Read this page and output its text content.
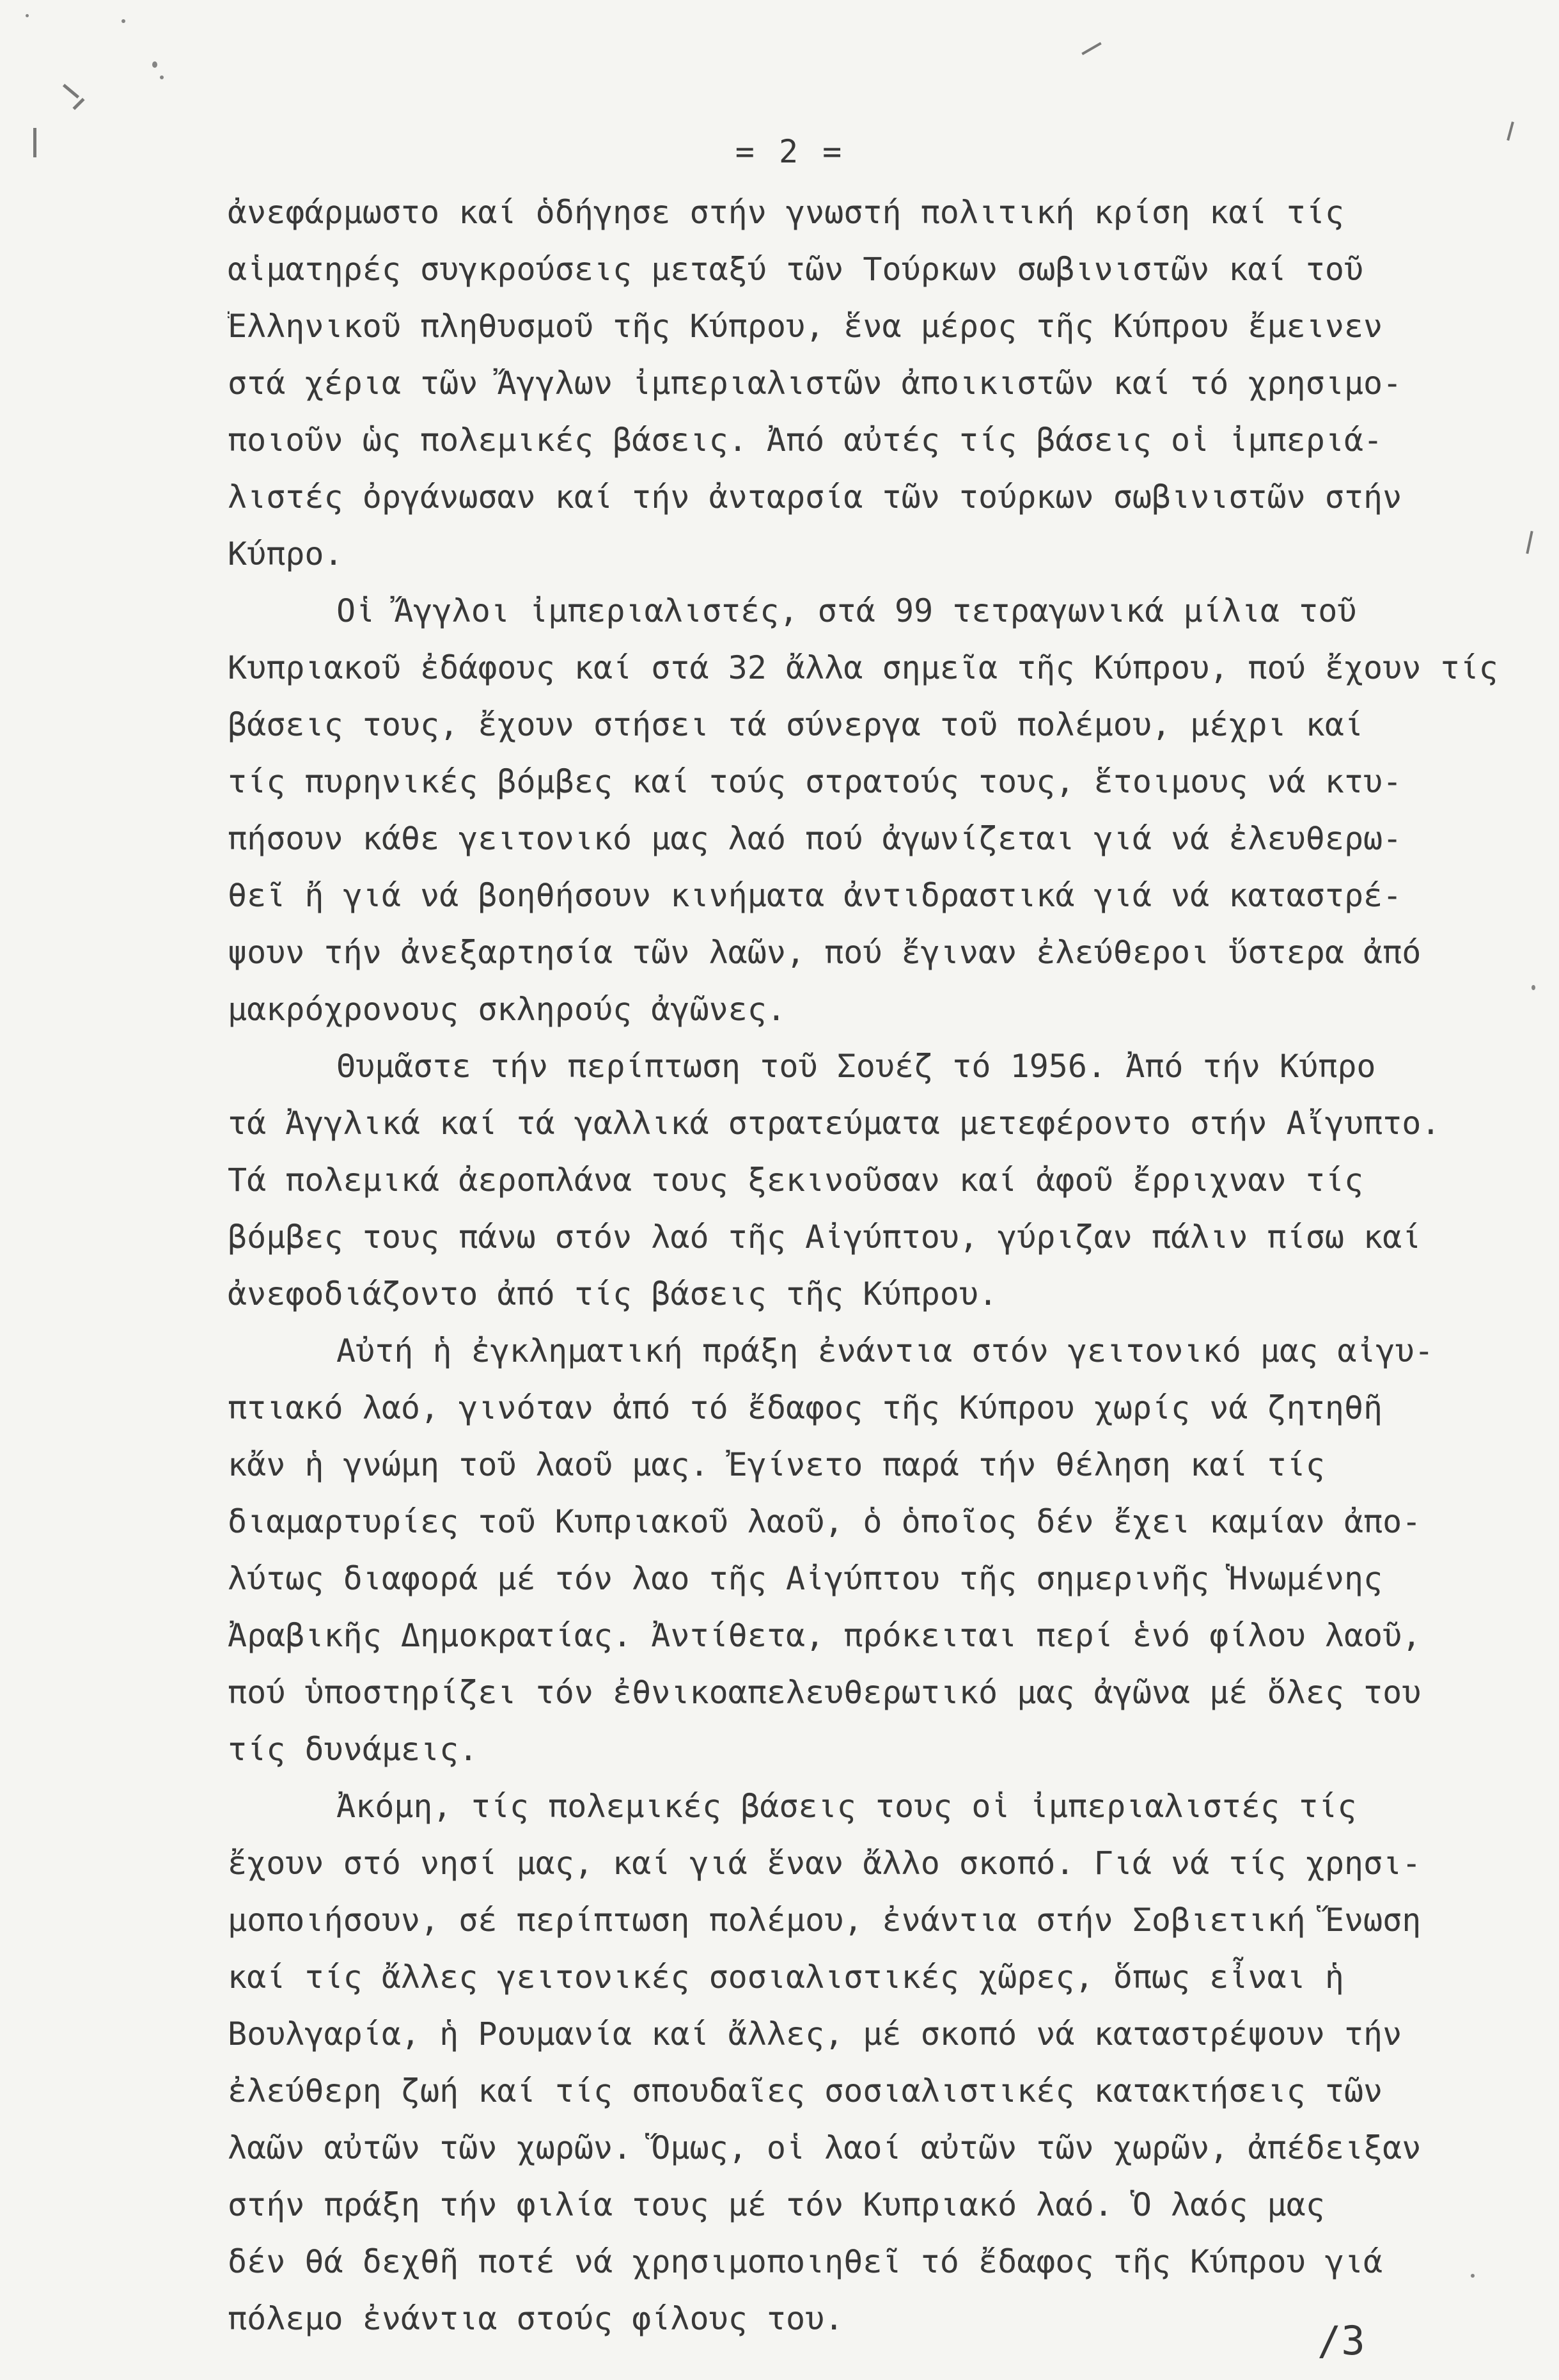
= 2 =
ἀνεφάρμωστο καί ὁδήγησε στήν γνωστή πολιτική κρίση καί τίς
αἱματηρές συγκρούσεις μεταξύ τῶν Τούρκων σωβινιστῶν καί τοῦ
Ἑλληνικοῦ πληθυσμοῦ τῆς Κύπρου, ἕνα μέρος τῆς Κύπρου ἔμεινεν
στά χέρια τῶν Ἄγγλων ἰμπεριαλιστῶν ἀποικιστῶν καί τό χρησιμο-
ποιοῦν ὡς πολεμικές βάσεις. Ἀπό αὐτές τίς βάσεις οἱ ἰμπεριά-
λιστές ὀργάνωσαν καί τήν ἀνταρσία τῶν τούρκων σωβινιστῶν στήν
Κύπρο.
Οἱ Ἄγγλοι ἰμπεριαλιστές, στά 99 τετραγωνικά μίλια τοῦ
Κυπριακοῦ ἐδάφους καί στά 32 ἄλλα σημεῖα τῆς Κύπρου, πού ἔχουν τίς
βάσεις τους, ἔχουν στήσει τά σύνεργα τοῦ πολέμου, μέχρι καί
τίς πυρηνικές βόμβες καί τούς στρατούς τους, ἕτοιμους νά κτυ-
πήσουν κάθε γειτονικό μας λαό πού ἀγωνίζεται γιά νά ἐλευθερω-
θεῖ ἤ γιά νά βοηθήσουν κινήματα ἀντιδραστικά γιά νά καταστρέ-
ψουν τήν ἀνεξαρτησία τῶν λαῶν, πού ἔγιναν ἐλεύθεροι ὕστερα ἀπό
μακρόχρονους σκληρούς ἀγῶνες.
Θυμᾶστε τήν περίπτωση τοῦ Σουέζ τό 1956. Ἀπό τήν Κύπρο
τά Ἀγγλικά καί τά γαλλικά στρατεύματα μετεφέροντο στήν Αἴγυπτο.
Τά πολεμικά ἀεροπλάνα τους ξεκινοῦσαν καί ἀφοῦ ἔρριχναν τίς
βόμβες τους πάνω στόν λαό τῆς Αἰγύπτου, γύριζαν πάλιν πίσω καί
ἀνεφοδιάζοντο ἀπό τίς βάσεις τῆς Κύπρου.
Αὐτή ἡ ἐγκληματική πράξη ἐνάντια στόν γειτονικό μας αἰγυ-
πτιακό λαό, γινόταν ἀπό τό ἔδαφος τῆς Κύπρου χωρίς νά ζητηθῆ
κἄν ἡ γνώμη τοῦ λαοῦ μας. Ἐγίνετο παρά τήν θέληση καί τίς
διαμαρτυρίες τοῦ Κυπριακοῦ λαοῦ, ὁ ὁποῖος δέν ἔχει καμίαν ἀπο-
λύτως διαφορά μέ τόν λαο τῆς Αἰγύπτου τῆς σημερινῆς Ἡνωμένης
Ἀραβικῆς Δημοκρατίας. Ἀντίθετα, πρόκειται περί ἑνό φίλου λαοῦ,
πού ὑποστηρίζει τόν ἐθνικοαπελευθερωτικό μας ἀγῶνα μέ ὅλες του
τίς δυνάμεις.
Ἀκόμη, τίς πολεμικές βάσεις τους οἱ ἰμπεριαλιστές τίς
ἔχουν στό νησί μας, καί γιά ἕναν ἄλλο σκοπό. Γιά νά τίς χρησι-
μοποιήσουν, σέ περίπτωση πολέμου, ἐνάντια στήν Σοβιετική Ἕνωση
καί τίς ἄλλες γειτονικές σοσιαλιστικές χῶρες, ὅπως εἶναι ἡ
Βουλγαρία, ἡ Ρουμανία καί ἄλλες, μέ σκοπό νά καταστρέψουν τήν
ἐλεύθερη ζωή καί τίς σπουδαῖες σοσιαλιστικές κατακτήσεις τῶν
λαῶν αὐτῶν τῶν χωρῶν. Ὅμως, οἱ λαοί αὐτῶν τῶν χωρῶν, ἀπέδειξαν
στήν πράξη τήν φιλία τους μέ τόν Κυπριακό λαό. Ὁ λαός μας
δέν θά δεχθῆ ποτέ νά χρησιμοποιηθεῖ τό ἔδαφος τῆς Κύπρου γιά
πόλεμο ἐνάντια στούς φίλους του.	/3
